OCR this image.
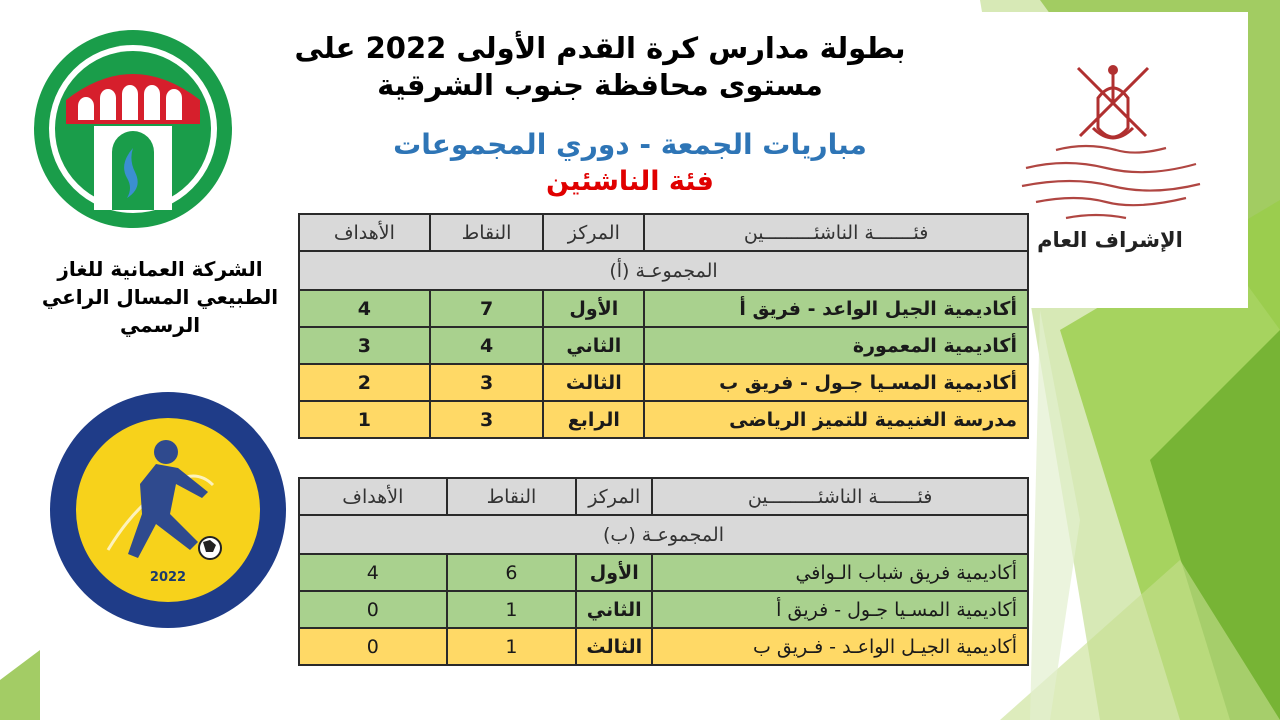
الشركة العمانية للغاز الطبيعي المسال الراعي الرسمي
2022
بطولة مدارس كرة القدم الأولى 2022 على مستوى محافظة جنوب الشرقية
مباريات الجمعة - دوري المجموعات
فئة الناشئين
الإشراف العام
فئـــــــة الناشئـــــــــين	المركز	النقاط	الأهداف
المجموعـة (أ)			
أكاديمية الجيل الواعد - فريق أ	الأول	7	4
أكاديمية المعمورة	الثاني	4	3
أكاديمية المسـيا جـول - فريق ب	الثالث	3	2
مدرسة الغنيمية للتميز الرياضى	الرابع	3	1
فئـــــــة الناشئـــــــــين	المركز	النقاط	الأهداف
المجموعـة (ب)			
أكاديمية فريق شباب الـوافي	الأول	6	4
أكاديمية المسـيا جـول - فريق أ	الثاني	1	0
أكاديمية الجيـل الواعـد - فـريق ب	الثالث	1	0
